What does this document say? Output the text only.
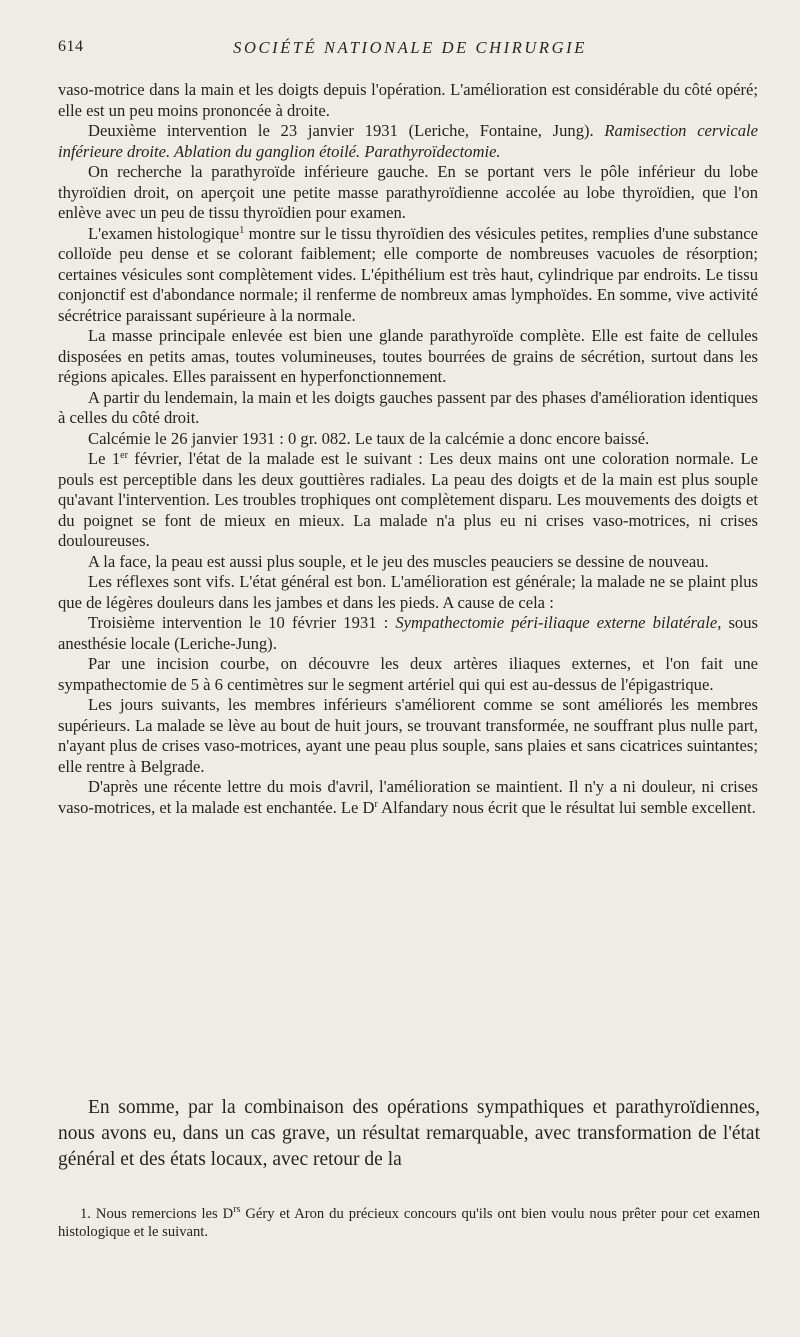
614	SOCIÉTÉ NATIONALE DE CHIRURGIE

vaso-motrice dans la main et les doigts depuis l'opération. L'amélioration est considérable du côté opéré; elle est un peu moins prononcée à droite.

Deuxième intervention le 23 janvier 1931 (Leriche, Fontaine, Jung). Ramisection cervicale inférieure droite. Ablation du ganglion étoilé. Parathyroïdectomie.

On recherche la parathyroïde inférieure gauche. En se portant vers le pôle inférieur du lobe thyroïdien droit, on aperçoit une petite masse parathyroïdienne accolée au lobe thyroïdien, que l'on enlève avec un peu de tissu thyroïdien pour examen.

L'examen histologique$^1$ montre sur le tissu thyroïdien des vésicules petites, remplies d'une substance colloïde peu dense et se colorant faiblement; elle comporte de nombreuses vacuoles de résorption; certaines vésicules sont complètement vides. L'épithélium est très haut, cylindrique par endroits. Le tissu conjonctif est d'abondance normale; il renferme de nombreux amas lymphoïdes. En somme, vive activité sécrétrice paraissant supérieure à la normale.

La masse principale enlevée est bien une glande parathyroïde complète. Elle est faite de cellules disposées en petits amas, toutes volumineuses, toutes bourrées de grains de sécrétion, surtout dans les régions apicales. Elles paraissent en hyperfonctionnement.

A partir du lendemain, la main et les doigts gauches passent par des phases d'amélioration identiques à celles du côté droit.

Calcémie le 26 janvier 1931 : 0 gr. 082. Le taux de la calcémie a donc encore baissé.

Le 1er février, l'état de la malade est le suivant : Les deux mains ont une coloration normale. Le pouls est perceptible dans les deux gouttières radiales. La peau des doigts et de la main est plus souple qu'avant l'intervention. Les troubles trophiques ont complètement disparu. Les mouvements des doigts et du poignet se font de mieux en mieux. La malade n'a plus eu ni crises vaso-motrices, ni crises douloureuses.

A la face, la peau est aussi plus souple, et le jeu des muscles peauciers se dessine de nouveau.

Les réflexes sont vifs. L'état général est bon. L'amélioration est générale; la malade ne se plaint plus que de légères douleurs dans les jambes et dans les pieds. A cause de cela :

Troisième intervention le 10 février 1931 : Sympathectomie péri-iliaque externe bilatérale, sous anesthésie locale (Leriche-Jung).

Par une incision courbe, on découvre les deux artères iliaques externes, et l'on fait une sympathectomie de 5 à 6 centimètres sur le segment artériel qui qui est au-dessus de l'épigastrique.

Les jours suivants, les membres inférieurs s'améliorent comme se sont améliorés les membres supérieurs. La malade se lève au bout de huit jours, se trouvant transformée, ne souffrant plus nulle part, n'ayant plus de crises vaso-motrices, ayant une peau plus souple, sans plaies et sans cicatrices suintantes; elle rentre à Belgrade.

D'après une récente lettre du mois d'avril, l'amélioration se maintient. Il n'y a ni douleur, ni crises vaso-motrices, et la malade est enchantée. Le $D^r$ Alfandary nous écrit que le résultat lui semble excellent.

En somme, par la combinaison des opérations sympathiques et parathyroïdiennes, nous avons eu, dans un cas grave, un résultat remarquable, avec transformation de l'état général et des états locaux, avec retour de la

1. Nous remercions les $D^{rs}$ Géry et Aron du précieux concours qu'ils ont bien voulu nous prêter pour cet examen histologique et le suivant.
